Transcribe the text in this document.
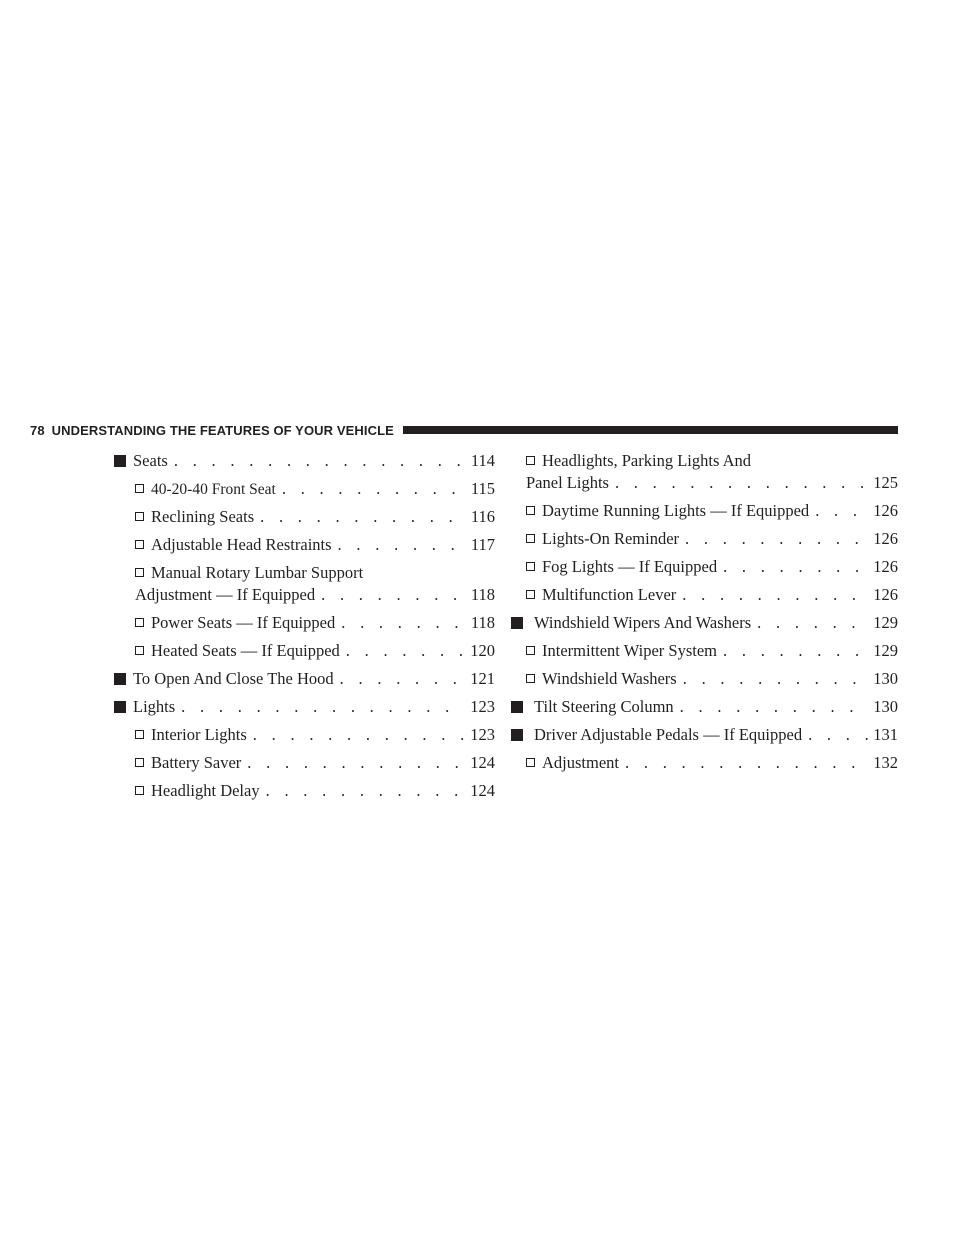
78 UNDERSTANDING THE FEATURES OF YOUR VEHICLE
Seats . . .	114
40-20-40 Front Seat . . .	115
Reclining Seats . . .	116
Adjustable Head Restraints . . .	117
Manual Rotary Lumbar Support
Adjustment — If Equipped . . .	118
Power Seats — If Equipped . . .	118
Heated Seats — If Equipped . . .	120
To Open And Close The Hood . . .	121
Lights . . .	123
Interior Lights . . .	123
Battery Saver . . .	124
Headlight Delay . . .	124
Headlights, Parking Lights And
Panel Lights . . .	125
Daytime Running Lights — If Equipped . . .	126
Lights-On Reminder . . .	126
Fog Lights — If Equipped . . .	126
Multifunction Lever . . .	126
Windshield Wipers And Washers . . .	129
Intermittent Wiper System . . .	129
Windshield Washers . . .	130
Tilt Steering Column . . .	130
Driver Adjustable Pedals — If Equipped . . .	131
Adjustment . . .	132
